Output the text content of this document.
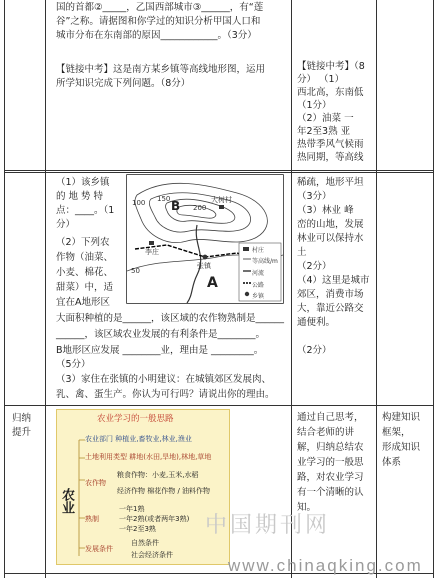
国的首都②_____，乙国西部城市③______，有“莲
谷”之称。请据图和你学过的知识分析甲国人口和
城市分布在东南部的原因____________。（3分）
【链接中考】这是南方某乡镇等高线地形图，运用
所学知识完成下列问题。（8分）
【链接中考】（8
分） （1）
西北高，东南低
（1分）
（2）油菜 一
年2至3熟 亚
热带季风气候雨
热同期，等高线
（1）该乡镇
的 地 势 特
点：____。（1
分）
（2）下列农
作物（油菜、
小麦、棉花、
甜菜）中，适
宜在A地形区
大面积种植的是______，该区域的农作物熟制是______
______，该区域农业发展的有利条件是________。
B地形区应发展 ________业，理由是 _________。
（5分）
（3）家住在张镇的小明建议：在城镇郊区发展肉、
乳、禽、蛋生产。你认为可行吗？请说出你的理由。
稀疏，地形平坦
（3分）
（3）林业 峰
峦的山地，发展
林业可以保持水
土
（2分）
（4）这里是城市
郊区，消费市场
大，靠近公路交
通便利。
（2分）
200
150
100
50
B
A
李庄
张镇
大树村
村庄
等高线/m
河流
公路
乡镇
归纳
提升
农业学习的一般思路
农业
农业部门 种植业,畜牧业,林业,渔业
土地利用类型 耕地(水田,旱地),林地,草地
粮食作物：小麦,玉米,水稻
农作物
经济作物 棉花作物 / 油料作物
熟制
一年1熟
一年2熟(或者两年3熟)
一年2至3熟
发展条件
自然条件
社会经济条件
通过自己思考，
结合老师的讲
解，归纳总结农
业学习的一般思
路，对农业学习
有一个清晰的认
知。
构建知识
框架，
形成知识
体系
中国期刊网
www.chinaqking.com
